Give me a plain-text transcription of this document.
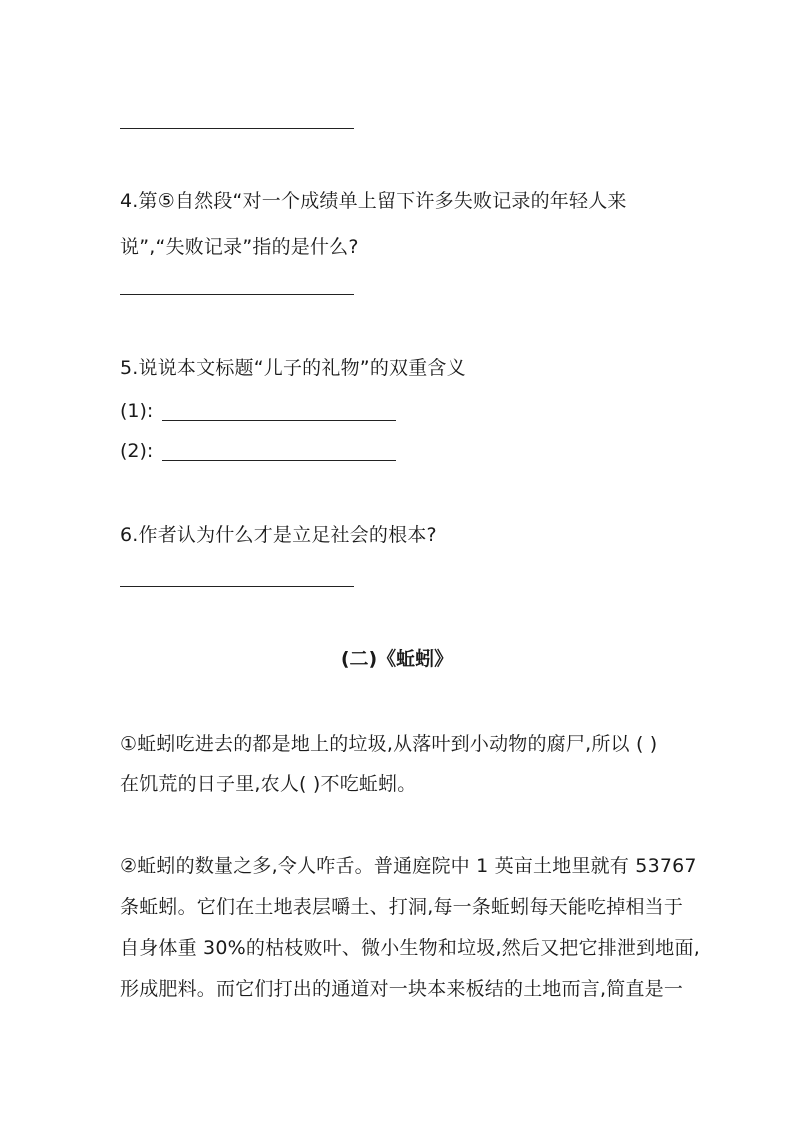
4.第⑤自然段“对一个成绩单上留下许多失败记录的年轻人来
说”,“失败记录”指的是什么?
5.说说本文标题“儿子的礼物”的双重含义
(1):
(2):
6.作者认为什么才是立足社会的根本?
(二)《蚯蚓》
①蚯蚓吃进去的都是地上的垃圾,从落叶到小动物的腐尸,所以 ( )
在饥荒的日子里,农人( )不吃蚯蚓。
②蚯蚓的数量之多,令人咋舌。普通庭院中 1 英亩土地里就有 53767
条蚯蚓。它们在土地表层嚼土、打洞,每一条蚯蚓每天能吃掉相当于
自身体重 30%的枯枝败叶、微小生物和垃圾,然后又把它排泄到地面,
形成肥料。而它们打出的通道对一块本来板结的土地而言,简直是一
